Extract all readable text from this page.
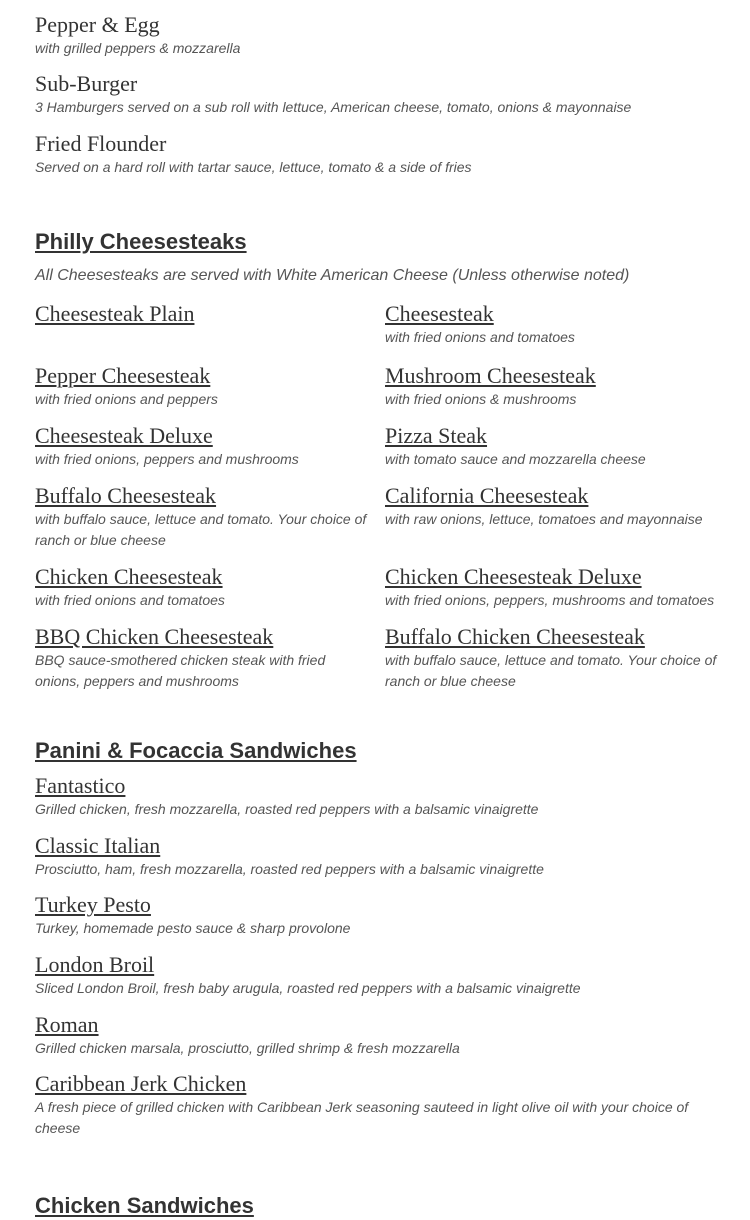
Pepper & Egg
with grilled peppers & mozzarella
Sub-Burger
3 Hamburgers served on a sub roll with lettuce, American cheese, tomato, onions & mayonnaise
Fried Flounder
Served on a hard roll with tartar sauce, lettuce, tomato & a side of fries
Philly Cheesesteaks
All Cheesesteaks are served with White American Cheese (Unless otherwise noted)
Cheesesteak Plain	Cheesesteak
with fried onions and tomatoes
Pepper Cheesesteak
with fried onions and peppers
Mushroom Cheesesteak
with fried onions & mushrooms
Cheesesteak Deluxe
with fried onions, peppers and mushrooms
Pizza Steak
with tomato sauce and mozzarella cheese
Buffalo Cheesesteak
with buffalo sauce, lettuce and tomato. Your choice of ranch or blue cheese
California Cheesesteak
with raw onions, lettuce, tomatoes and mayonnaise
Chicken Cheesesteak
with fried onions and tomatoes
Chicken Cheesesteak Deluxe
with fried onions, peppers, mushrooms and tomatoes
BBQ Chicken Cheesesteak
BBQ sauce-smothered chicken steak with fried onions, peppers and mushrooms
Buffalo Chicken Cheesesteak
with buffalo sauce, lettuce and tomato. Your choice of ranch or blue cheese
Panini & Focaccia Sandwiches
Fantastico
Grilled chicken, fresh mozzarella, roasted red peppers with a balsamic vinaigrette
Classic Italian
Prosciutto, ham, fresh mozzarella, roasted red peppers with a balsamic vinaigrette
Turkey Pesto
Turkey, homemade pesto sauce & sharp provolone
London Broil
Sliced London Broil, fresh baby arugula, roasted red peppers with a balsamic vinaigrette
Roman
Grilled chicken marsala, prosciutto, grilled shrimp & fresh mozzarella
Caribbean Jerk Chicken
A fresh piece of grilled chicken with Caribbean Jerk seasoning sauteed in light olive oil with your choice of cheese
Chicken Sandwiches
